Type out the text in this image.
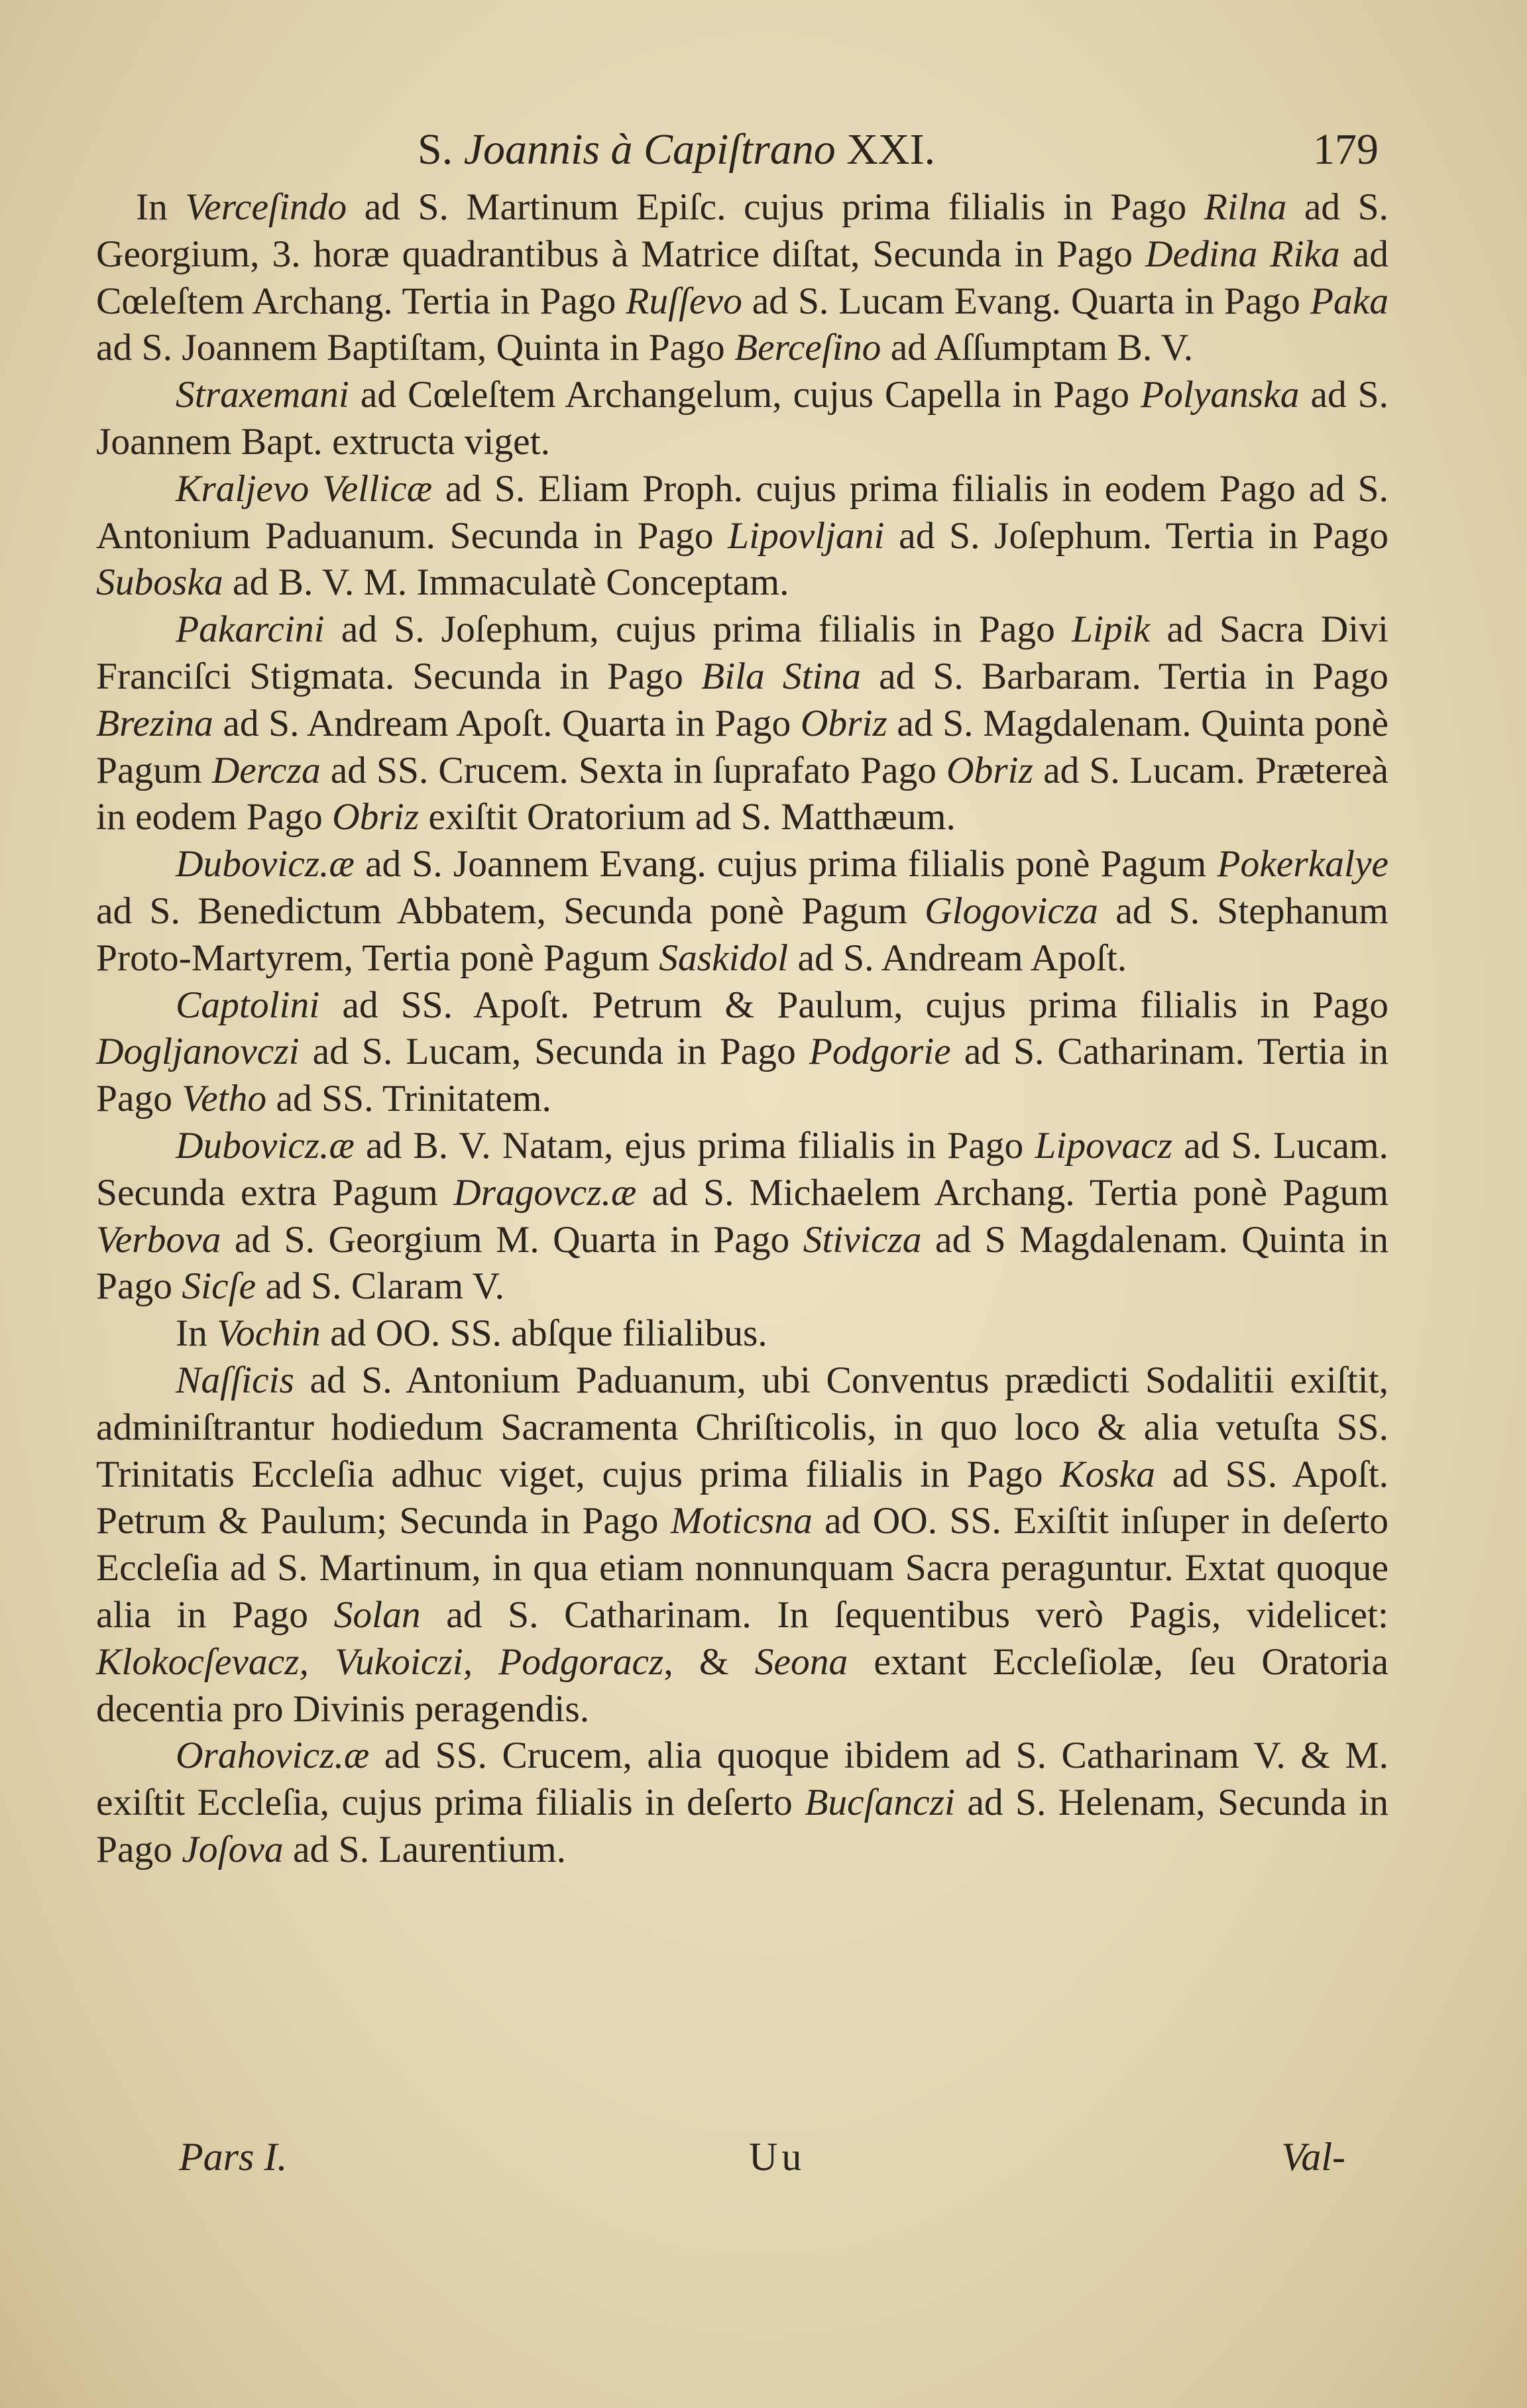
S. Joannis à Capiſtrano XXI.	179

In Verceſindo ad S. Martinum Epiſc. cujus prima filialis in Pago Rilna ad S. Georgium, 3. horæ quadrantibus à Matrice diſtat, Secunda in Pago Dedina Rika ad Cœleſtem Archang. Tertia in Pago Ruſſevo ad S. Lucam Evang. Quarta in Pago Paka ad S. Joannem Baptiſtam, Quinta in Pago Berceſino ad Aſſumptam B. V.

Straxemani ad Cœleſtem Archangelum, cujus Capella in Pago Polyanska ad S. Joannem Bapt. extructa viget.

Kraljevo Vellicæ ad S. Eliam Proph. cujus prima filialis in eodem Pago ad S. Antonium Paduanum. Secunda in Pago Lipovljani ad S. Joſephum. Tertia in Pago Suboska ad B. V. M. Immaculatè Conceptam.

Pakarcini ad S. Joſephum, cujus prima filialis in Pago Lipik ad Sacra Divi Franciſci Stigmata. Secunda in Pago Bila Stina ad S. Barbaram. Tertia in Pago Brezina ad S. Andream Apoſt. Quarta in Pago Obriz ad S. Magdalenam. Quinta ponè Pagum Dercza ad SS. Crucem. Sexta in ſuprafato Pago Obriz ad S. Lucam. Prætereà in eodem Pago Obriz exiſtit Oratorium ad S. Matthæum.

Dubovicz.æ ad S. Joannem Evang. cujus prima filialis ponè Pagum Pokerkalye ad S. Benedictum Abbatem, Secunda ponè Pagum Glogovicza ad S. Stephanum Proto-Martyrem, Tertia ponè Pagum Saskidol ad S. Andream Apoſt.

Captolini ad SS. Apoſt. Petrum & Paulum, cujus prima filialis in Pago Dogljanovczi ad S. Lucam, Secunda in Pago Podgorie ad S. Catharinam. Tertia in Pago Vetho ad SS. Trinitatem.

Dubovicz.æ ad B. V. Natam, ejus prima filialis in Pago Lipovacz ad S. Lucam. Secunda extra Pagum Dragovcz.æ ad S. Michaelem Archang. Tertia ponè Pagum Verbova ad S. Georgium M. Quarta in Pago Stivicza ad S Magdalenam. Quinta in Pago Sicſe ad S. Claram V.

In Vochin ad OO. SS. abſque filialibus.

Naſſicis ad S. Antonium Paduanum, ubi Conventus prædicti Sodalitii exiſtit, adminiſtrantur hodiedum Sacramenta Chriſticolis, in quo loco & alia vetuſta SS. Trinitatis Eccleſia adhuc viget, cujus prima filialis in Pago Koska ad SS. Apoſt. Petrum & Paulum; Secunda in Pago Moticsna ad OO. SS. Exiſtit inſuper in deſerto Eccleſia ad S. Martinum, in qua etiam nonnunquam Sacra peraguntur. Extat quoque alia in Pago Solan ad S. Catharinam. In ſequentibus verò Pagis, videlicet: Klokocſevacz, Vukoiczi, Podgoracz, & Seona extant Eccleſiolæ, ſeu Oratoria decentia pro Divinis peragendis.

Orahovicz.æ ad SS. Crucem, alia quoque ibidem ad S. Catharinam V. & M. exiſtit Eccleſia, cujus prima filialis in deſerto Bucſanczi ad S. Helenam, Secunda in Pago Joſova ad S. Laurentium.

Pars I.	Uu	Val-
